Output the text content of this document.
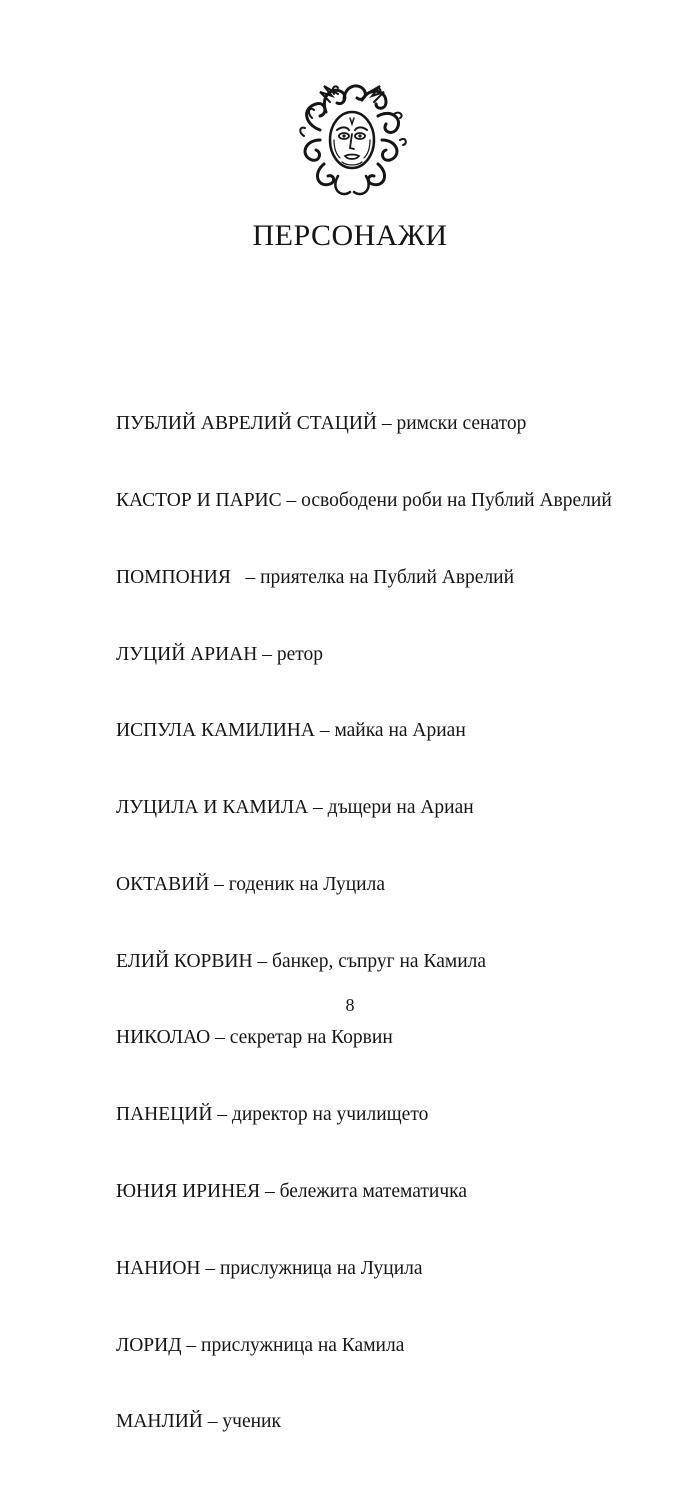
ПЕРСОНАЖИ

ПУБЛИЙ АВРЕЛИЙ СТАЦИЙ – римски сенатор

КАСТОР И ПАРИС – освободени роби на Публий Аврелий

ПОМПОНИЯ   – приятелка на Публий Аврелий

ЛУЦИЙ АРИАН – ретор

ИСПУЛА КАМИЛИНА – майка на Ариан

ЛУЦИЛА И КАМИЛА – дъщери на Ариан

ОКТАВИЙ – годеник на Луцила

ЕЛИЙ КОРВИН – банкер, съпруг на Камила

НИКОЛАО – секретар на Корвин

ПАНЕЦИЙ – директор на училището

ЮНИЯ ИРИНЕЯ – бележита математичка

НАНИОН – прислужница на Луцила

ЛОРИД – прислужница на Камила

МАНЛИЙ – ученик

8
